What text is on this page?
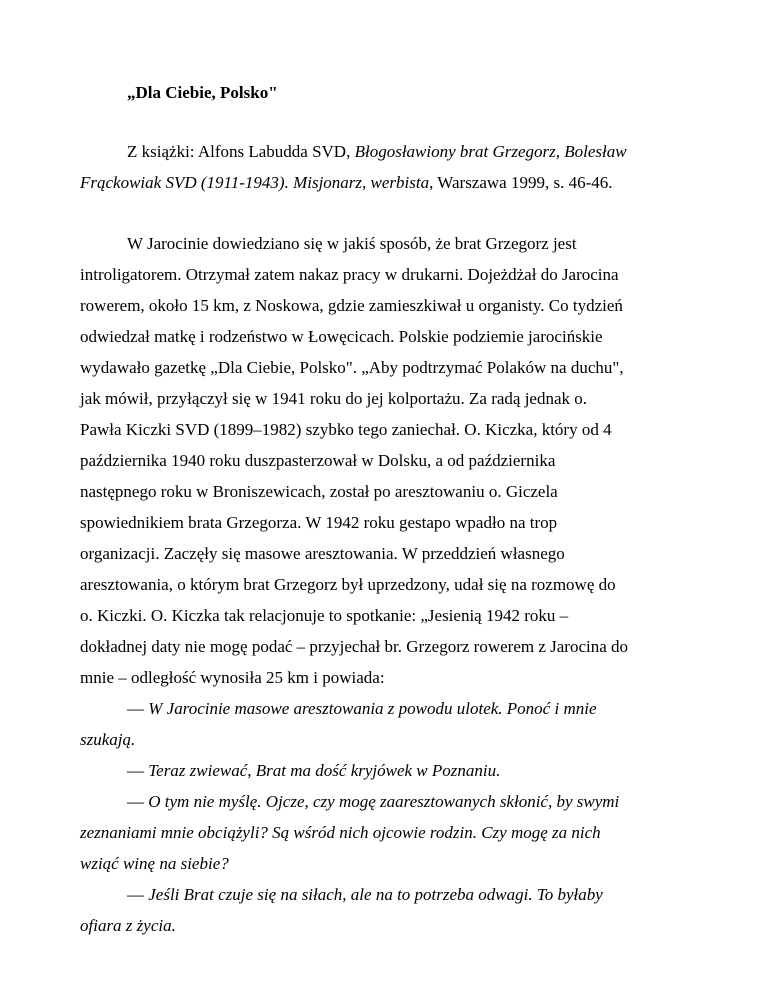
„Dla Ciebie, Polsko"
Z książki: Alfons Labudda SVD, Błogosławiony brat Grzegorz, Bolesław
Frąckowiak SVD (1911-1943). Misjonarz, werbista, Warszawa 1999, s. 46-46.
W Jarocinie dowiedziano się w jakiś sposób, że brat Grzegorz jest
introligatorem. Otrzymał zatem nakaz pracy w drukarni. Dojeżdżał do Jarocina
rowerem, około 15 km, z Noskowa, gdzie zamieszkiwał u organisty. Co tydzień
odwiedzał matkę i rodzeństwo w Łowęcicach. Polskie podziemie jarocińskie
wydawało gazetkę „Dla Ciebie, Polsko". „Aby podtrzymać Polaków na duchu",
jak mówił, przyłączył się w 1941 roku do jej kolportażu. Za radą jednak o.
Pawła Kiczki SVD (1899–1982) szybko tego zaniechał. O. Kiczka, który od 4
października 1940 roku duszpasterzował w Dolsku, a od października
następnego roku w Broniszewicach, został po aresztowaniu o. Giczela
spowiednikiem brata Grzegorza. W 1942 roku gestapo wpadło na trop
organizacji. Zaczęły się masowe aresztowania. W przeddzień własnego
aresztowania, o którym brat Grzegorz był uprzedzony, udał się na rozmowę do
o. Kiczki. O. Kiczka tak relacjonuje to spotkanie: „Jesienią 1942 roku –
dokładnej daty nie mogę podać – przyjechał br. Grzegorz rowerem z Jarocina do
mnie – odległość wynosiła 25 km i powiada:
— W Jarocinie masowe aresztowania z powodu ulotek. Ponoć i mnie
szukają.
— Teraz zwiewać, Brat ma dość kryjówek w Poznaniu.
— O tym nie myślę. Ojcze, czy mogę zaaresztowanych skłonić, by swymi
zeznaniami mnie obciążyli? Są wśród nich ojcowie rodzin. Czy mogę za nich
wziąć winę na siebie?
— Jeśli Brat czuje się na siłach, ale na to potrzeba odwagi. To byłaby
ofiara z życia.
